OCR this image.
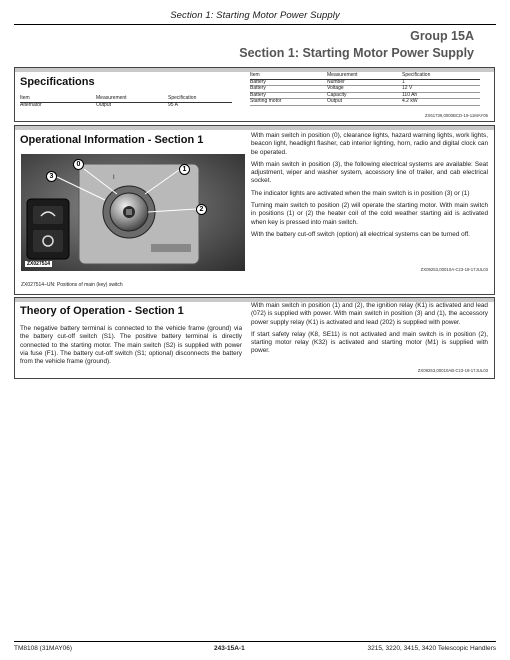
Section 1: Starting Motor Power Supply
Group 15A
Section 1: Starting Motor Power Supply
Specifications
Item	Measurement	Specification
Alternator	Output	95 A
Item	Measurement	Specification
Battery	Number	1
Battery	Voltage	12 V
Battery	Capacity	110 Ah
Starting motor	Output	4.2 kW
ZX61739,0000BCD-19-11MAY05
Operational Information - Section 1
I
0
1
2
3
ZX027514
ZX027514–UN: Positions of main (key) switch

With main switch in position (0), clearance lights, hazard warning lights, work lights, beacon light, headlight flasher, cab interior lighting, horn, radio and digital clock can be operated.

With main switch in position (3), the following electrical systems are available: Seat adjustment, wiper and washer system, accessory line of trailer, and cab electrical socket.

The indicator lights are activated when the main switch is in position (3) or (1)

Turning main switch to position (2) will operate the starting motor. With main switch in positions (1) or (2) the heater coil of the cold weather starting aid is activated when key is pressed into main switch.

With the battery cut-off switch (option) all electrical systems can be turned off.

ZX09253,00010A-Cz3-19-17JUL03
Theory of Operation - Section 1

The negative battery terminal is connected to the vehicle frame (ground) via the battery cut-off switch (S1). The positive battery terminal is directly connected to the starting motor. The main switch (S2) is supplied with power via fuse (F1). The battery cut-off switch (S1; optional) disconnects the battery from the vehicle frame (ground).

With main switch in position (1) and (2), the ignition relay (K1) is activated and lead (072) is supplied with power. With main switch in position (3) and (1), the accessory power supply relay (K1) is activated and lead (202) is supplied with power.

If start safety relay (K8, SE11) is not activated and main switch is in position (2), starting motor relay (K32) is activated and starting motor (M1) is supplied with power.

ZX09253,00010AB-Cz3-19-17JUL03
TM8108 (31MAY06)	243-15A-1	3215, 3220, 3415, 3420 Telescopic Handlers
